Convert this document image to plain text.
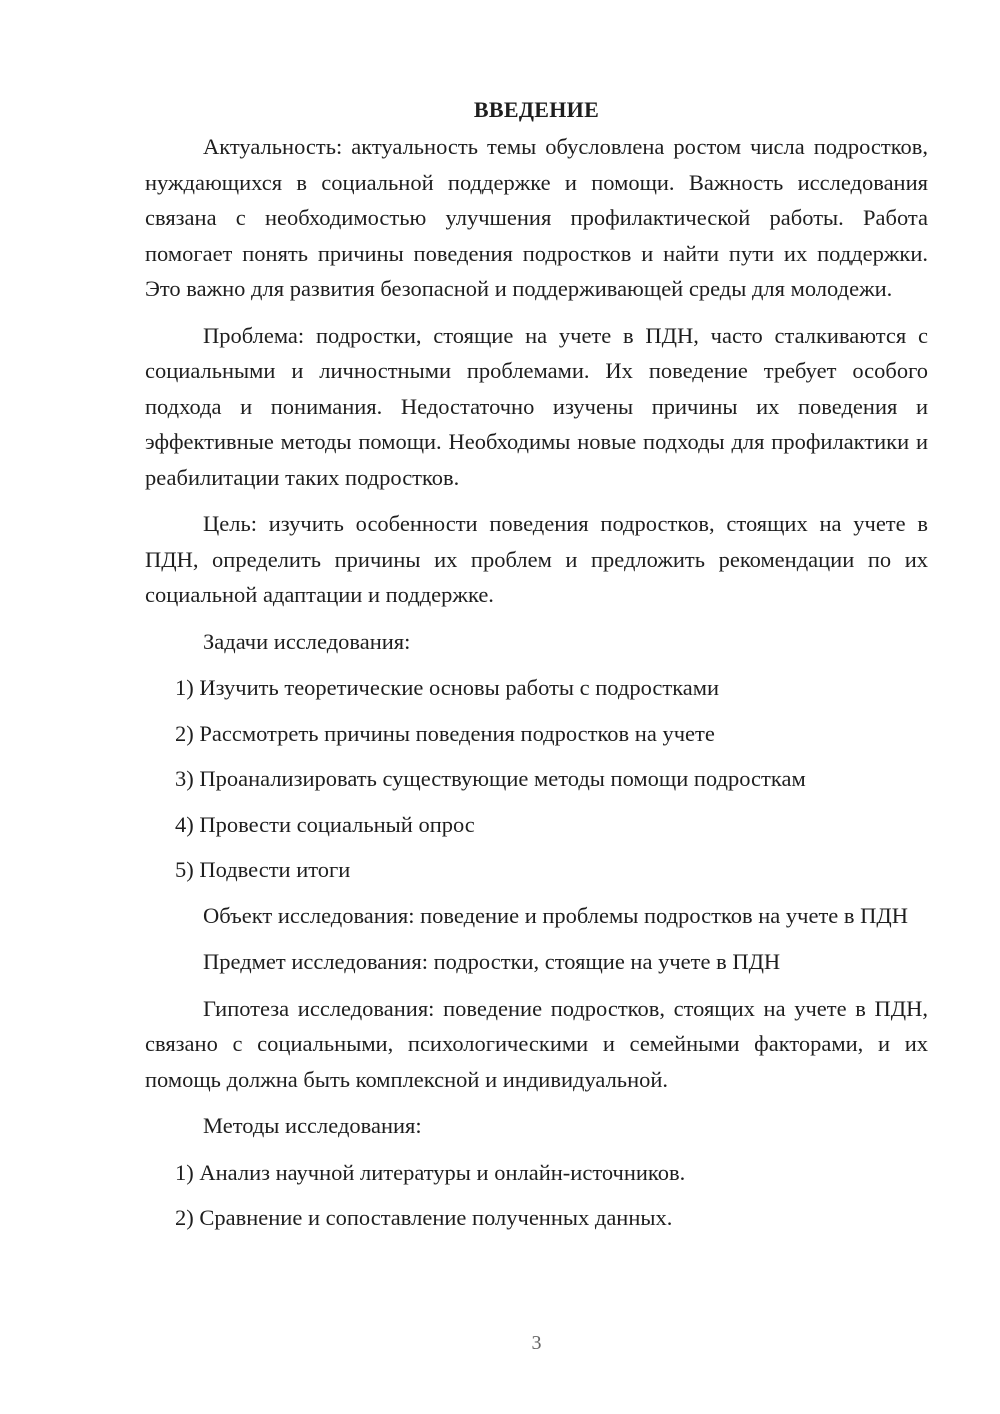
ВВЕДЕНИЕ

Актуальность: актуальность темы обусловлена ростом числа подростков, нуждающихся в социальной поддержке и помощи. Важность исследования связана с необходимостью улучшения профилактической работы. Работа помогает понять причины поведения подростков и найти пути их поддержки. Это важно для развития безопасной и поддерживающей среды для молодежи.

Проблема: подростки, стоящие на учете в ПДН, часто сталкиваются с социальными и личностными проблемами. Их поведение требует особого подхода и понимания. Недостаточно изучены причины их поведения и эффективные методы помощи. Необходимы новые подходы для профилактики и реабилитации таких подростков.

Цель: изучить особенности поведения подростков, стоящих на учете в ПДН, определить причины их проблем и предложить рекомендации по их социальной адаптации и поддержке.

Задачи исследования:

1) Изучить теоретические основы работы с подростками
2) Рассмотреть причины поведения подростков на учете
3) Проанализировать существующие методы помощи подросткам
4) Провести социальный опрос
5) Подвести итоги

Объект исследования: поведение и проблемы подростков на учете в ПДН

Предмет исследования: подростки, стоящие на учете в ПДН

Гипотеза исследования: поведение подростков, стоящих на учете в ПДН, связано с социальными, психологическими и семейными факторами, и их помощь должна быть комплексной и индивидуальной.

Методы исследования:

1) Анализ научной литературы и онлайн-источников.
2) Сравнение и сопоставление полученных данных.
3
